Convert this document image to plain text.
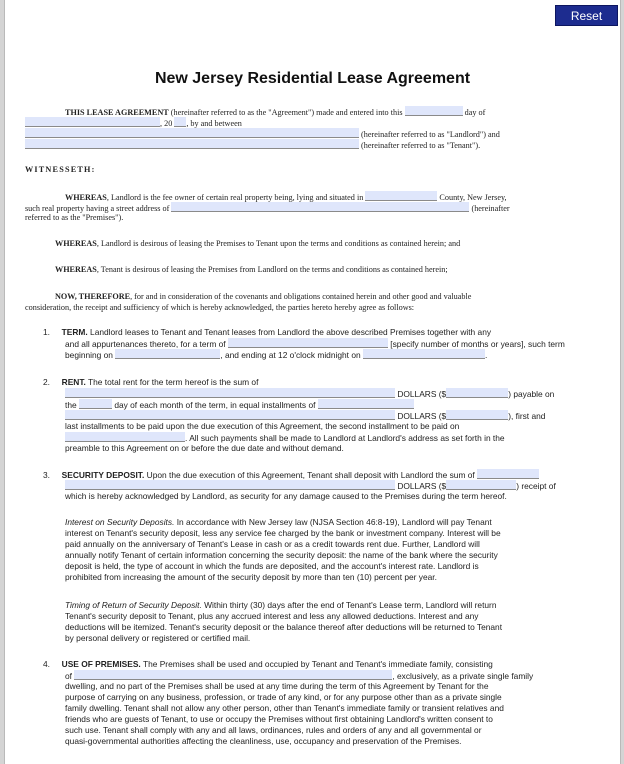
Reset
New Jersey Residential Lease Agreement
THIS LEASE AGREEMENT (hereinafter referred to as the "Agreement") made and entered into this	day of
, 20 , by and between
(hereinafter referred to as "Landlord") and
(hereinafter referred to as "Tenant").
WITNESSETH:
WHEREAS, Landlord is the fee owner of certain real property being, lying and situated in	County, New Jersey,
such real property having a street address of	(hereinafter
referred to as the "Premises").
WHEREAS, Landlord is desirous of leasing the Premises to Tenant upon the terms and conditions as contained herein; and
WHEREAS, Tenant is desirous of leasing the Premises from Landlord on the terms and conditions as contained herein;
NOW, THEREFORE, for and in consideration of the covenants and obligations contained herein and other good and valuable
consideration, the receipt and sufficiency of which is hereby acknowledged, the parties hereto hereby agree as follows:
1. TERM. Landlord leases to Tenant and Tenant leases from Landlord the above described Premises together with any
and all appurtenances thereto, for a term of	[specify number of months or years], such term
beginning on	, and ending at 12 o'clock midnight on	.
2. RENT. The total rent for the term hereof is the sum of
DOLLARS ($	) payable on
the	day of each month of the term, in equal installments of
DOLLARS ($	), first and
last installments to be paid upon the due execution of this Agreement, the second installment to be paid on
. All such payments shall be made to Landlord at Landlord's address as set forth in the
preamble to this Agreement on or before the due date and without demand.
3. SECURITY DEPOSIT. Upon the due execution of this Agreement, Tenant shall deposit with Landlord the sum of
DOLLARS ($	) receipt of
which is hereby acknowledged by Landlord, as security for any damage caused to the Premises during the term hereof.
Interest on Security Deposits. In accordance with New Jersey law (NJSA Section 46:8-19), Landlord will pay Tenant
interest on Tenant's security deposit, less any service fee charged by the bank or investment company. Interest will be
paid annually on the anniversary of Tenant's Lease in cash or as a credit towards rent due. Further, Landlord will
annually notify Tenant of certain information concerning the security deposit: the name of the bank where the security
deposit is held, the type of account in which the funds are deposited, and the account's interest rate. Landlord is
prohibited from increasing the amount of the security deposit by more than ten (10) percent per year.
Timing of Return of Security Deposit. Within thirty (30) days after the end of Tenant's Lease term, Landlord will return
Tenant's security deposit to Tenant, plus any accrued interest and less any allowed deductions. Interest and any
deductions will be itemized. Tenant's security deposit or the balance thereof after deductions will be returned to Tenant
by personal delivery or registered or certified mail.
4. USE OF PREMISES. The Premises shall be used and occupied by Tenant and Tenant's immediate family, consisting
of	, exclusively, as a private single family
dwelling, and no part of the Premises shall be used at any time during the term of this Agreement by Tenant for the
purpose of carrying on any business, profession, or trade of any kind, or for any purpose other than as a private single
family dwelling. Tenant shall not allow any other person, other than Tenant's immediate family or transient relatives and
friends who are guests of Tenant, to use or occupy the Premises without first obtaining Landlord's written consent to
such use. Tenant shall comply with any and all laws, ordinances, rules and orders of any and all governmental or
quasi-governmental authorities affecting the cleanliness, use, occupancy and preservation of the Premises.
